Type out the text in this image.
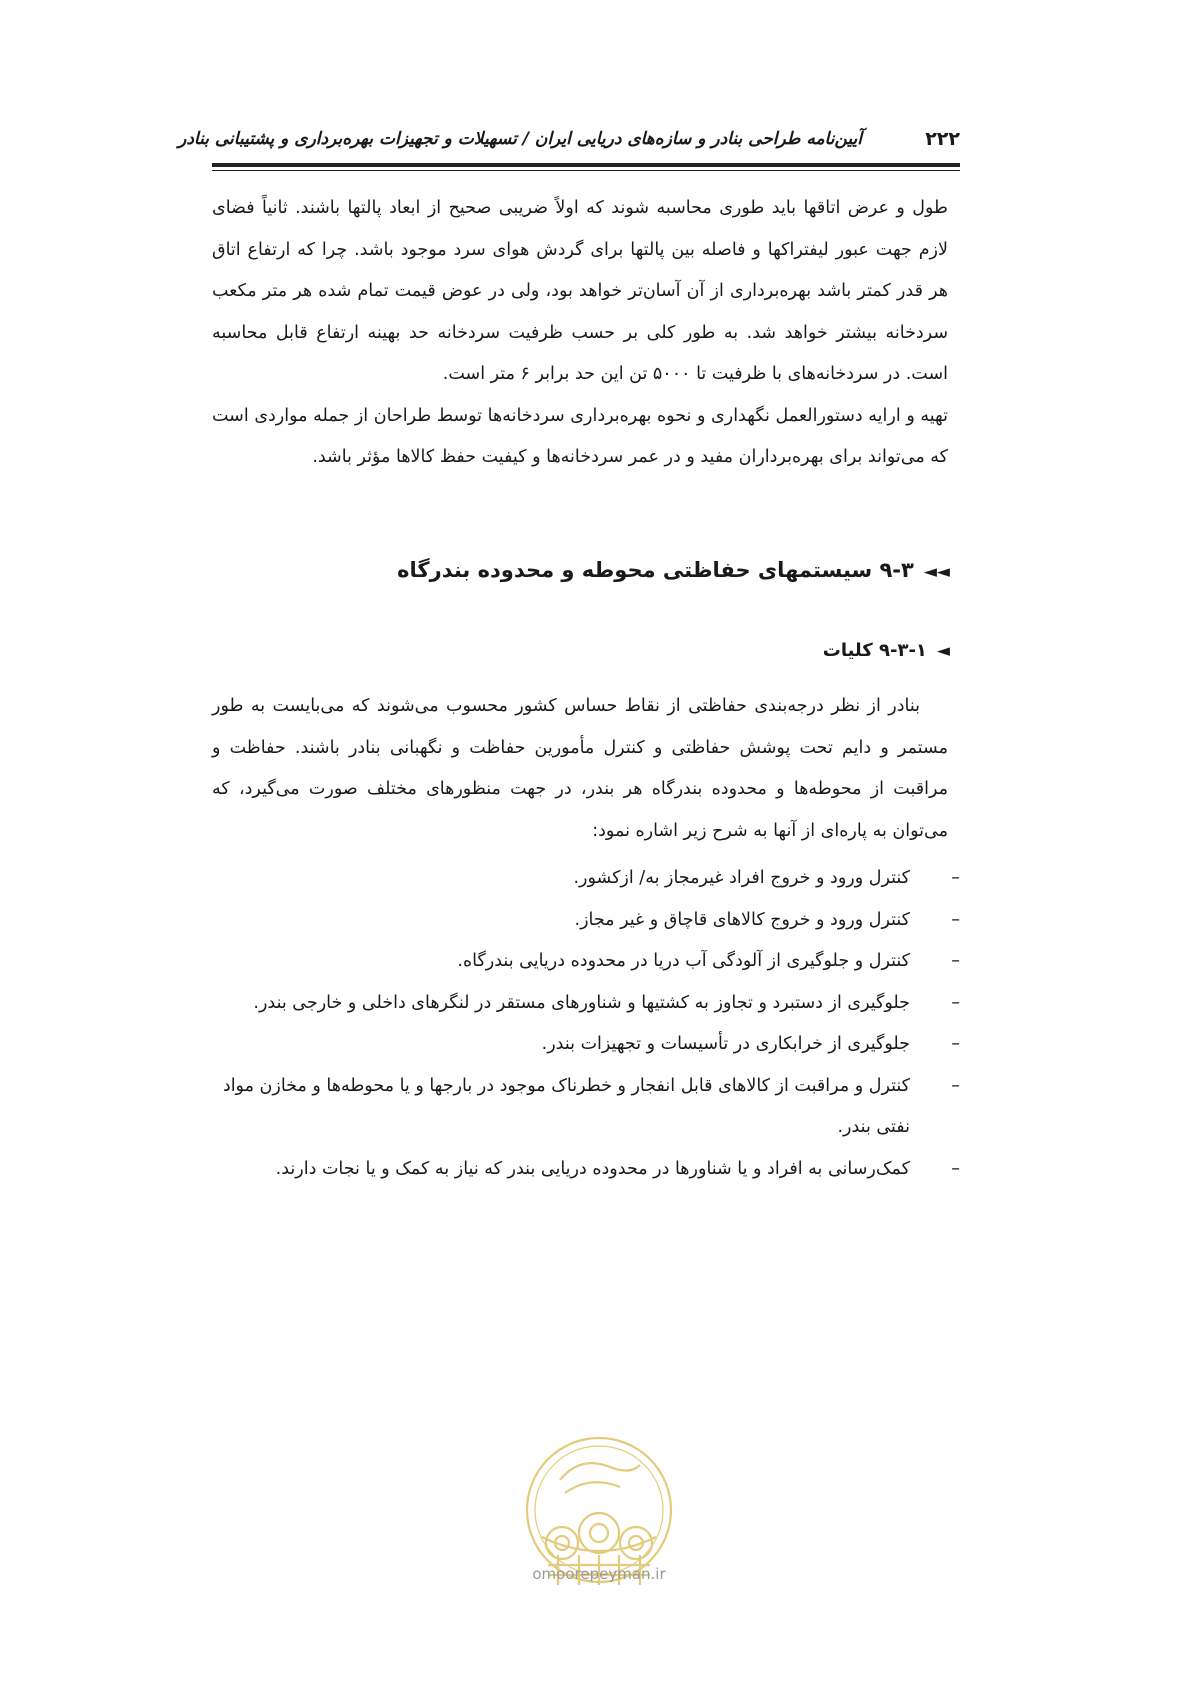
۲۲۲
آیین‌نامه طراحی بنادر و سازه‌های دریایی ایران / تسهیلات و تجهیزات بهره‌برداری و پشتیبانی بنادر

طول و عرض اتاقها باید طوری محاسبه شوند که اولاً ضریبی صحیح از ابعاد پالتها باشند. ثانیاً فضای لازم جهت عبور لیفتراکها و فاصله بین پالتها برای گردش هوای سرد موجود باشد. چرا که ارتفاع اتاق هر قدر کمتر باشد بهره‌برداری از آن آسان‌تر خواهد بود، ولی در عوض قیمت تمام شده هر متر مکعب سردخانه بیشتر خواهد شد. به طور کلی بر حسب ظرفیت سردخانه حد بهینه ارتفاع قابل محاسبه است. در سردخانه‌های با ظرفیت تا ۵۰۰۰ تن این حد برابر ۶ متر است.

تهیه و ارایه دستورالعمل نگهداری و نحوه بهره‌برداری سردخانه‌ها توسط طراحان از جمله مواردی است که می‌تواند برای بهره‌برداران مفید و در عمر سردخانه‌ها و کیفیت حفظ کالاها مؤثر باشد.

◄◄۹-۳ سیستمهای حفاظتی محوطه و محدوده بندرگاه
◄۹-۳-۱ کلیات

بنادر از نظر درجه‌بندی حفاظتی از نقاط حساس کشور محسوب می‌شوند که می‌بایست به طور مستمر و دایم تحت پوشش حفاظتی و کنترل مأمورین حفاظت و نگهبانی بنادر باشند. حفاظت و مراقبت از محوطه‌ها و محدوده بندرگاه هر بندر، در جهت منظورهای مختلف صورت می‌گیرد، که می‌توان به پاره‌ای از آنها به شرح زیر اشاره نمود:

–
کنترل ورود و خروج افراد غیرمجاز به/ ازکشور.
–
کنترل ورود و خروج کالاهای قاچاق و غیر مجاز.
–
کنترل و جلوگیری از آلودگی آب دریا در محدوده دریایی بندرگاه.
–
جلوگیری از دستبرد و تجاوز به کشتیها و شناورهای مستقر در لنگرهای داخلی و خارجی بندر.
–
جلوگیری از خرابکاری در تأسیسات و تجهیزات بندر.
–
کنترل و مراقبت از کالاهای قابل انفجار و خطرناک موجود در بارجها و یا محوطه‌ها و مخازن مواد نفتی بندر.
–
کمک‌رسانی به افراد و یا شناورها در محدوده دریایی بندر که نیاز به کمک و یا نجات دارند.
omoorepeyman.ir
